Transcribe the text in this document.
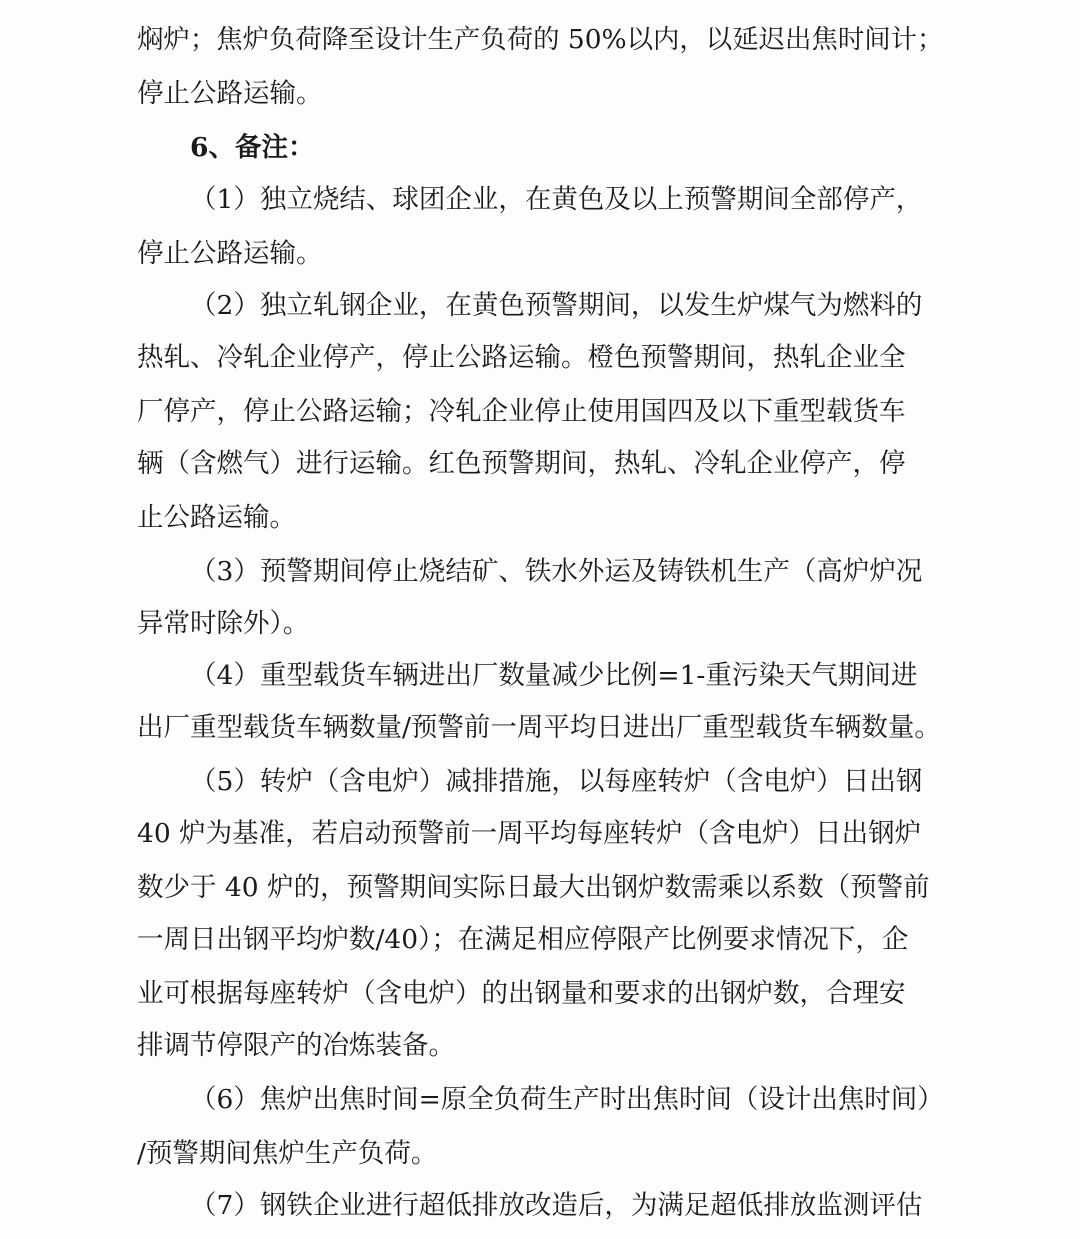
焖炉；焦炉负荷降至设计生产负荷的 50%以内，以延迟出焦时间计；
停止公路运输。
6、备注：
（1）独立烧结、球团企业，在黄色及以上预警期间全部停产，
停止公路运输。
（2）独立轧钢企业，在黄色预警期间，以发生炉煤气为燃料的
热轧、冷轧企业停产，停止公路运输。橙色预警期间，热轧企业全
厂停产，停止公路运输；冷轧企业停止使用国四及以下重型载货车
辆（含燃气）进行运输。红色预警期间，热轧、冷轧企业停产，停
止公路运输。
（3）预警期间停止烧结矿、铁水外运及铸铁机生产（高炉炉况
异常时除外）。
（4）重型载货车辆进出厂数量减少比例=1-重污染天气期间进
出厂重型载货车辆数量/预警前一周平均日进出厂重型载货车辆数量。
（5）转炉（含电炉）减排措施，以每座转炉（含电炉）日出钢
40 炉为基准，若启动预警前一周平均每座转炉（含电炉）日出钢炉
数少于 40 炉的，预警期间实际日最大出钢炉数需乘以系数（预警前
一周日出钢平均炉数/40）；在满足相应停限产比例要求情况下，企
业可根据每座转炉（含电炉）的出钢量和要求的出钢炉数，合理安
排调节停限产的冶炼装备。
（6）焦炉出焦时间=原全负荷生产时出焦时间（设计出焦时间）
/预警期间焦炉生产负荷。
（7）钢铁企业进行超低排放改造后，为满足超低排放监测评估
